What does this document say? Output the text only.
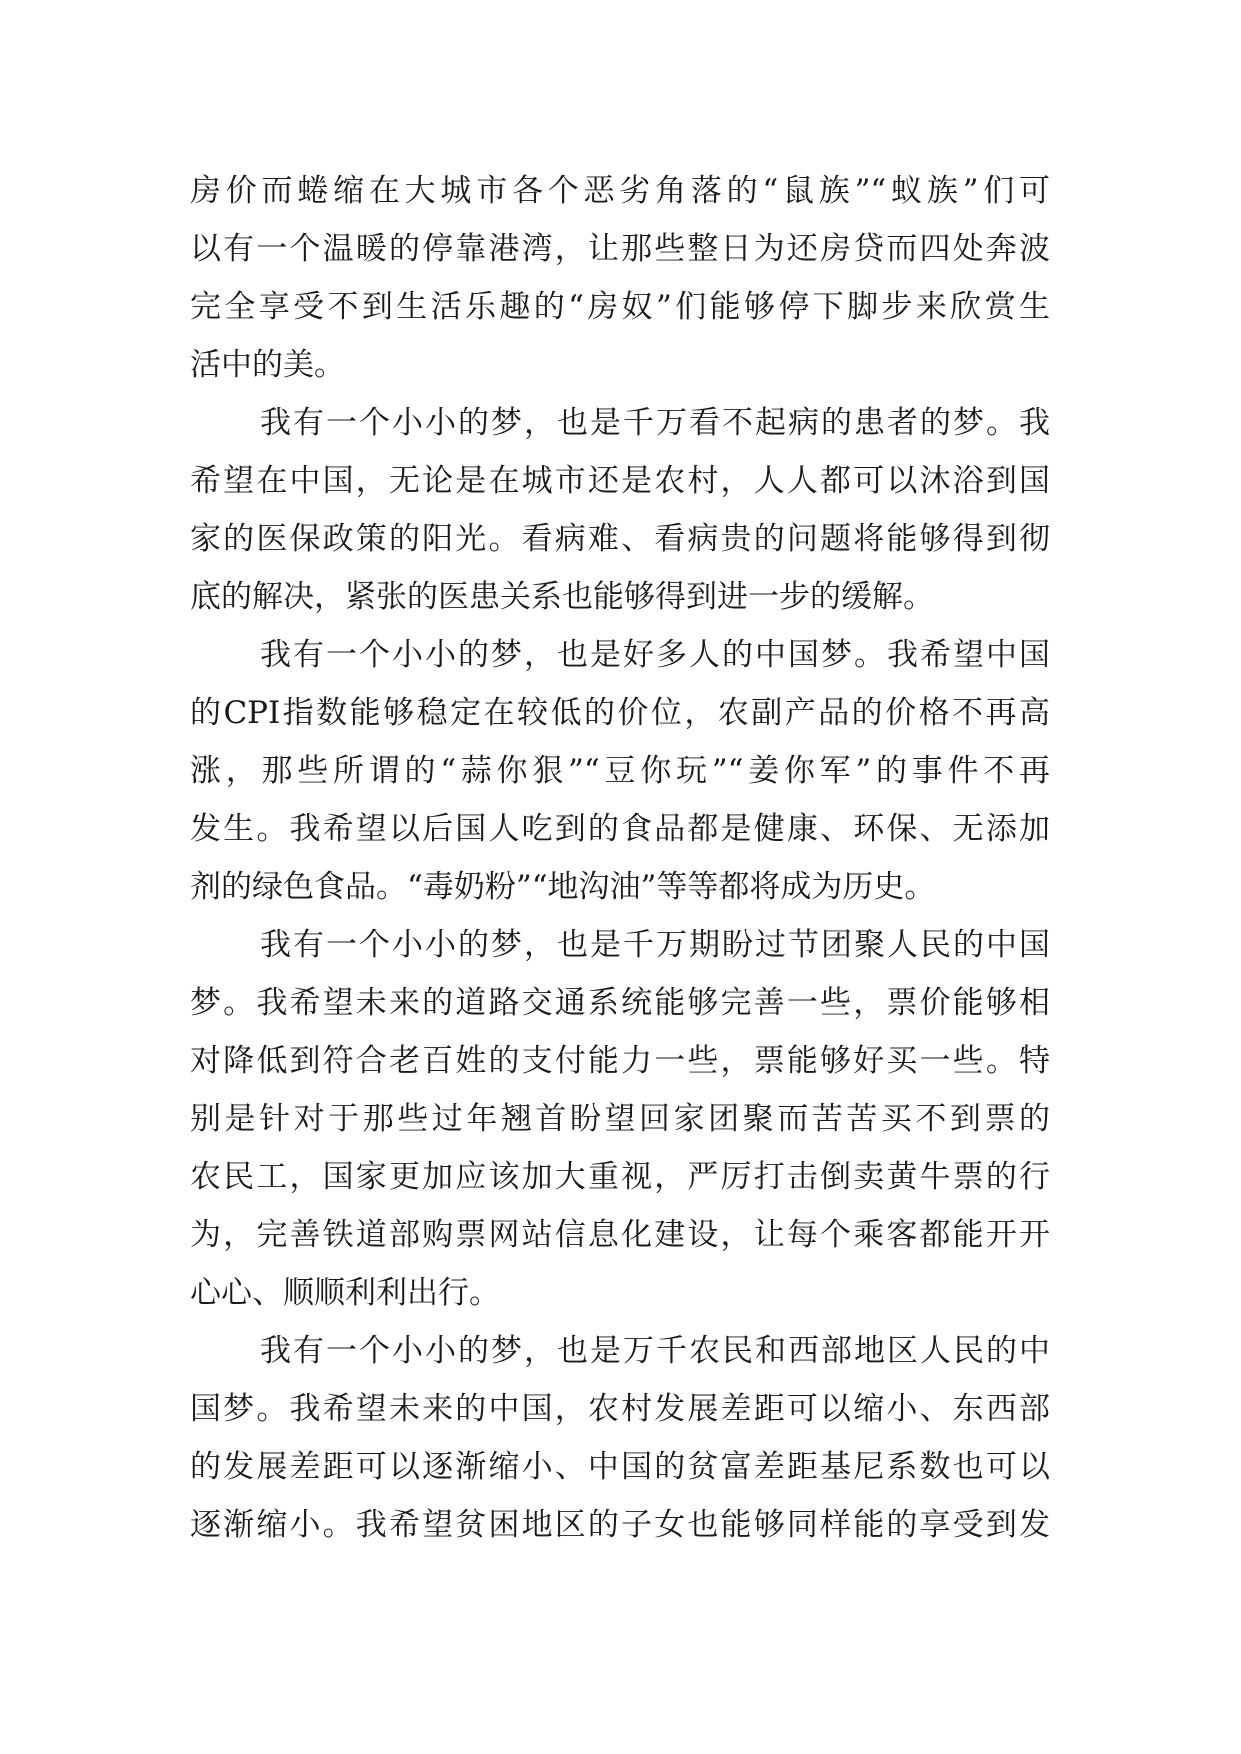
房价而蜷缩在大城市各个恶劣角落的“鼠族”“蚁族”们可
以有一个温暖的停靠港湾，让那些整日为还房贷而四处奔波
完全享受不到生活乐趣的“房奴”们能够停下脚步来欣赏生
活中的美。
我有一个小小的梦，也是千万看不起病的患者的梦。我
希望在中国，无论是在城市还是农村，人人都可以沐浴到国
家的医保政策的阳光。看病难、看病贵的问题将能够得到彻
底的解决，紧张的医患关系也能够得到进一步的缓解。
我有一个小小的梦，也是好多人的中国梦。我希望中国
的CPI指数能够稳定在较低的价位，农副产品的价格不再高
涨，那些所谓的“蒜你狠”“豆你玩”“姜你军”的事件不再
发生。我希望以后国人吃到的食品都是健康、环保、无添加
剂的绿色食品。“毒奶粉”“地沟油”等等都将成为历史。
我有一个小小的梦，也是千万期盼过节团聚人民的中国
梦。我希望未来的道路交通系统能够完善一些，票价能够相
对降低到符合老百姓的支付能力一些，票能够好买一些。特
别是针对于那些过年翘首盼望回家团聚而苦苦买不到票的
农民工，国家更加应该加大重视，严厉打击倒卖黄牛票的行
为，完善铁道部购票网站信息化建设，让每个乘客都能开开
心心、顺顺利利出行。
我有一个小小的梦，也是万千农民和西部地区人民的中
国梦。我希望未来的中国，农村发展差距可以缩小、东西部
的发展差距可以逐渐缩小、中国的贫富差距基尼系数也可以
逐渐缩小。我希望贫困地区的子女也能够同样能的享受到发
